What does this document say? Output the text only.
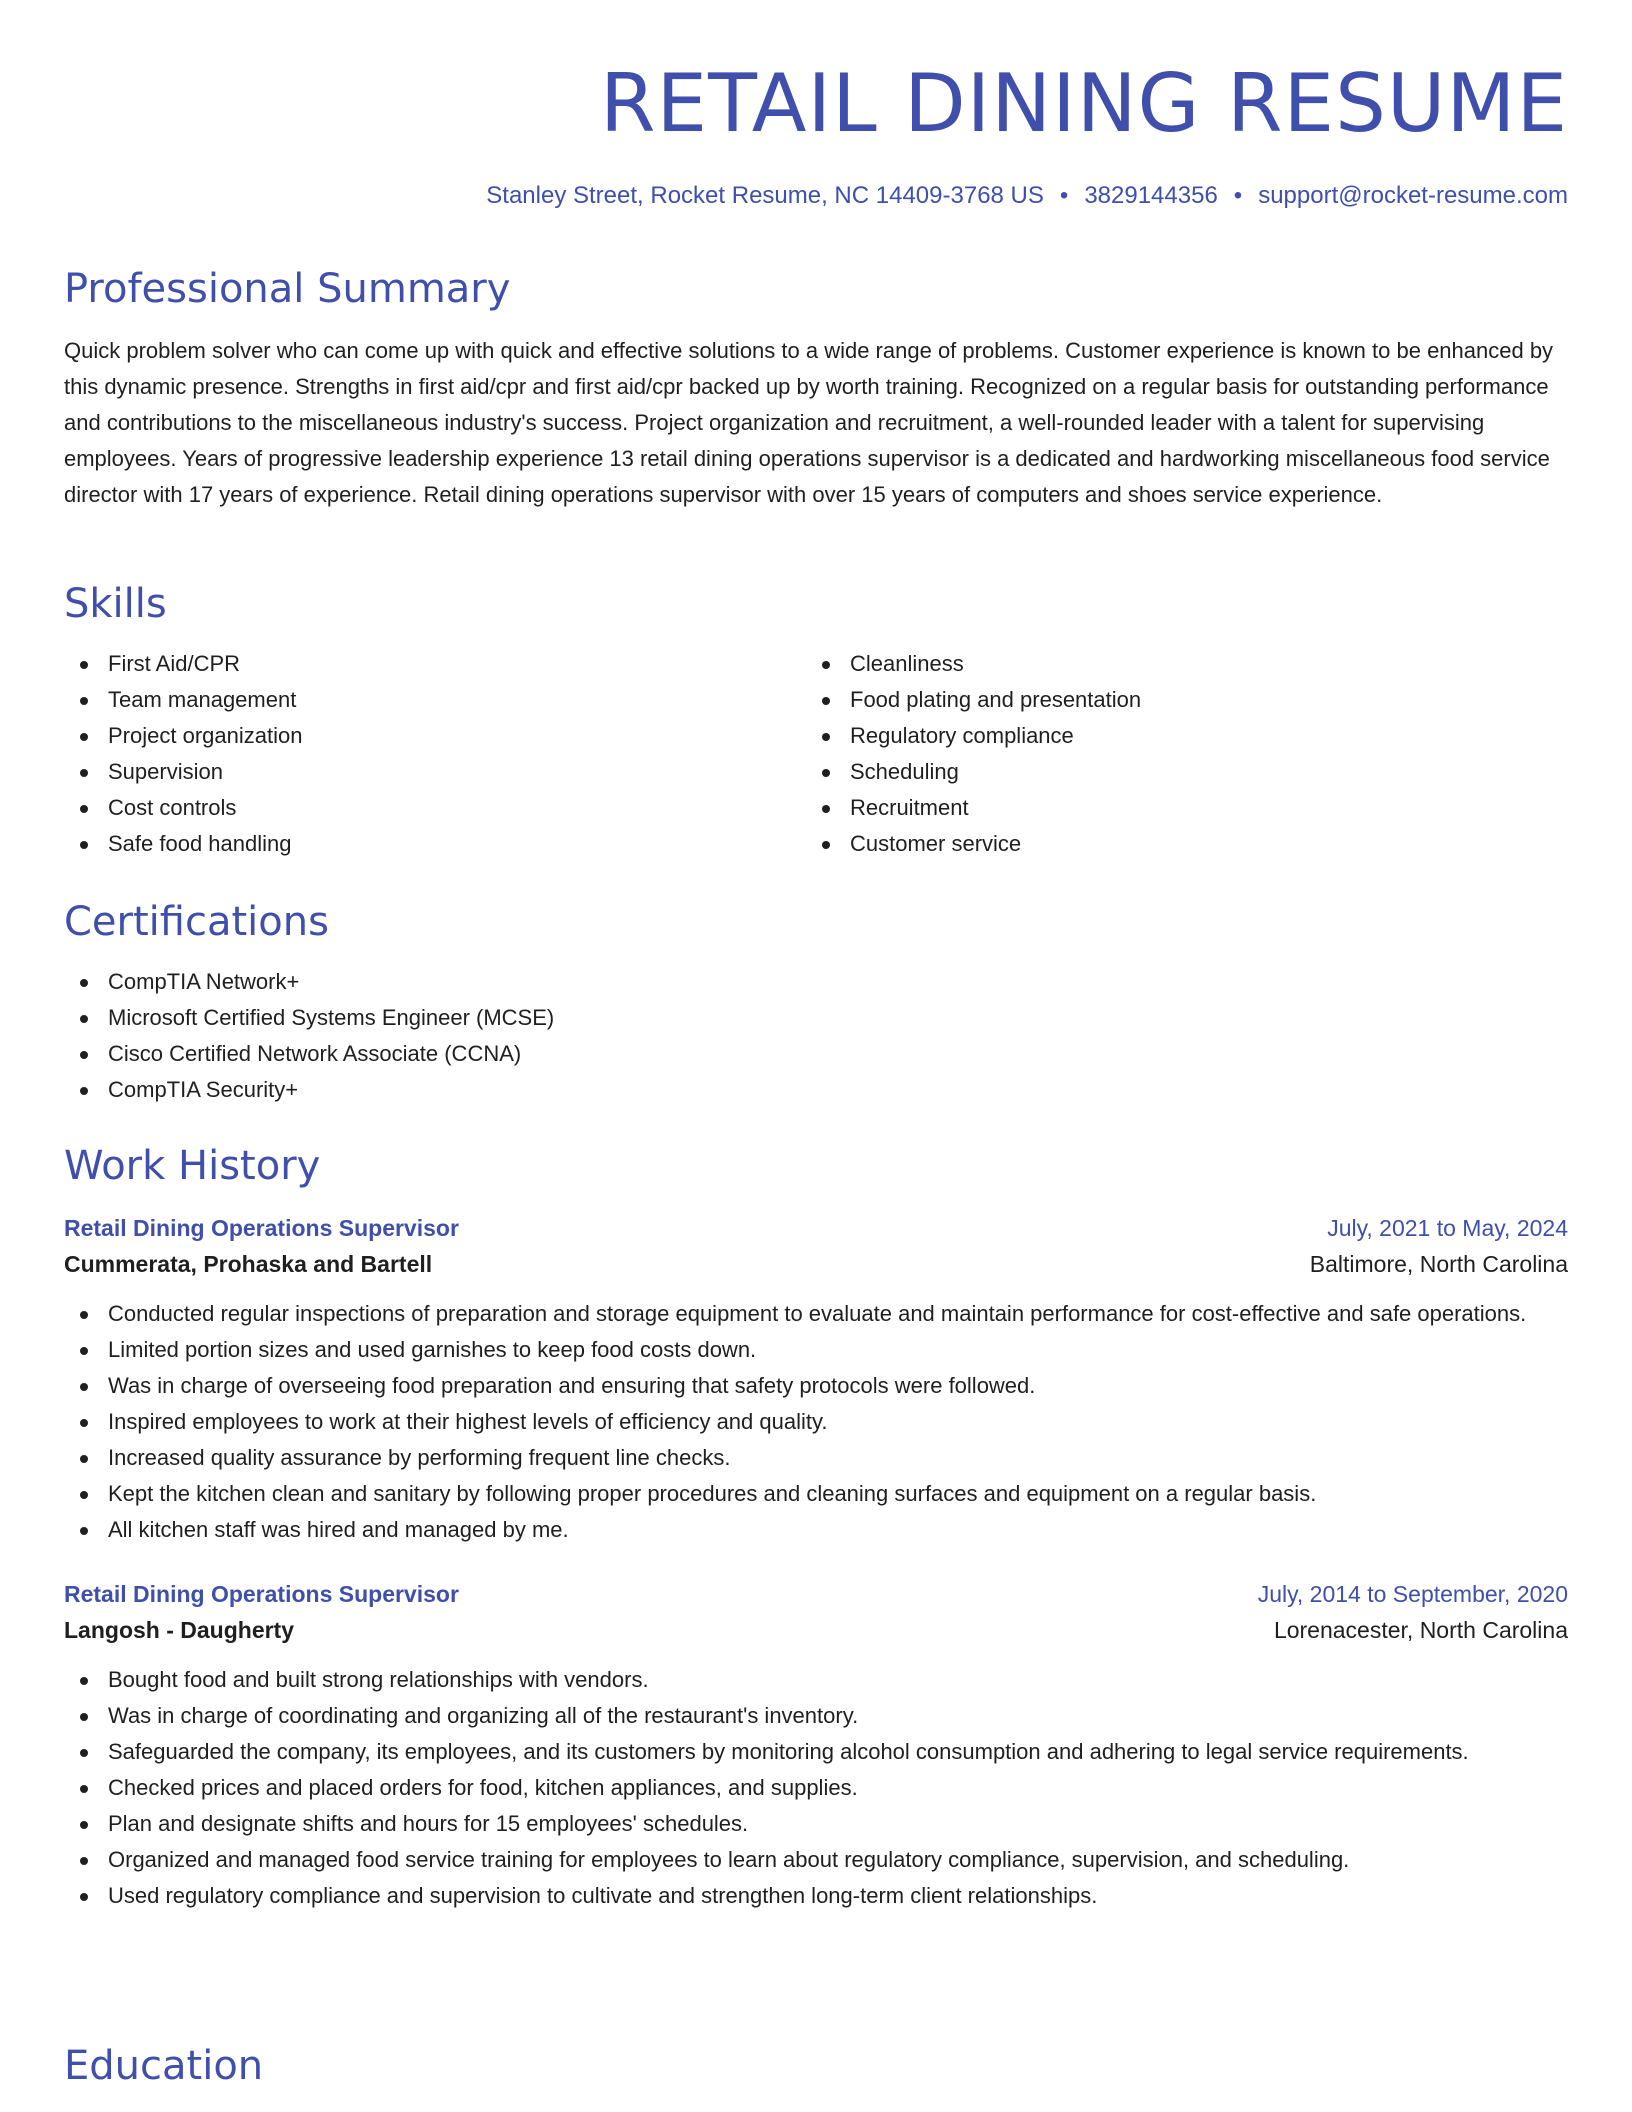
RETAIL DINING RESUME
Stanley Street, Rocket Resume, NC 14409-3768 US • 3829144356 • support@rocket-resume.com
Professional Summary
Quick problem solver who can come up with quick and effective solutions to a wide range of problems. Customer experience is known to be enhanced by this dynamic presence. Strengths in first aid/cpr and first aid/cpr backed up by worth training. Recognized on a regular basis for outstanding performance and contributions to the miscellaneous industry's success. Project organization and recruitment, a well-rounded leader with a talent for supervising employees. Years of progressive leadership experience 13 retail dining operations supervisor is a dedicated and hardworking miscellaneous food service director with 17 years of experience. Retail dining operations supervisor with over 15 years of computers and shoes service experience.
Skills
First Aid/CPR
Team management
Project organization
Supervision
Cost controls
Safe food handling
Cleanliness
Food plating and presentation
Regulatory compliance
Scheduling
Recruitment
Customer service
Certifications
CompTIA Network+
Microsoft Certified Systems Engineer (MCSE)
Cisco Certified Network Associate (CCNA)
CompTIA Security+
Work History
Retail Dining Operations Supervisor	July, 2021 to May, 2024
Cummerata, Prohaska and Bartell	Baltimore, North Carolina
Conducted regular inspections of preparation and storage equipment to evaluate and maintain performance for cost-effective and safe operations.
Limited portion sizes and used garnishes to keep food costs down.
Was in charge of overseeing food preparation and ensuring that safety protocols were followed.
Inspired employees to work at their highest levels of efficiency and quality.
Increased quality assurance by performing frequent line checks.
Kept the kitchen clean and sanitary by following proper procedures and cleaning surfaces and equipment on a regular basis.
All kitchen staff was hired and managed by me.
Retail Dining Operations Supervisor	July, 2014 to September, 2020
Langosh - Daugherty	Lorenacester, North Carolina
Bought food and built strong relationships with vendors.
Was in charge of coordinating and organizing all of the restaurant's inventory.
Safeguarded the company, its employees, and its customers by monitoring alcohol consumption and adhering to legal service requirements.
Checked prices and placed orders for food, kitchen appliances, and supplies.
Plan and designate shifts and hours for 15 employees' schedules.
Organized and managed food service training for employees to learn about regulatory compliance, supervision, and scheduling.
Used regulatory compliance and supervision to cultivate and strengthen long-term client relationships.
Education
